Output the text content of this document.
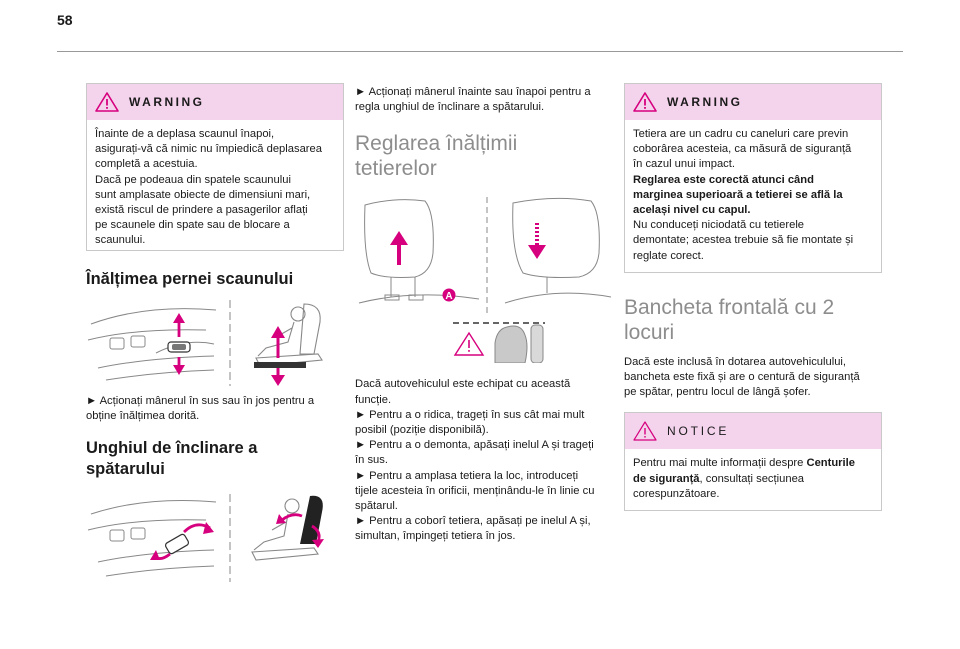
58
WARNING

Înainte de a deplasa scaunul înapoi,

asigurați-vă că nimic nu împiedică deplasarea

completă a acestuia.

Dacă pe podeaua din spatele scaunului

sunt amplasate obiecte de dimensiuni mari,

există riscul de prindere a pasagerilor aflați

pe scaunele din spate sau de blocare a

scaunului.

Înălțimea pernei scaunului

► Acționați mânerul în sus sau în jos pentru a

obține înălțimea dorită.

Unghiul de înclinare a
spătarului

► Acționați mânerul înainte sau înapoi pentru a

regla unghiul de înclinare a spătarului.

Reglarea înălțimii
tetierelor
A

Dacă autovehiculul este echipat cu această

funcție.

► Pentru a o ridica, trageți în sus cât mai mult

posibil (poziție disponibilă).

► Pentru a o demonta, apăsați inelul A și trageți

în sus.

► Pentru a amplasa tetiera la loc, introduceți

tijele acesteia în orificii, menținându-le în linie cu

spătarul.

► Pentru a coborî tetiera, apăsați pe inelul A și,

simultan, împingeți tetiera în jos.

WARNING

Tetiera are un cadru cu caneluri care previn

coborârea acesteia, ca măsură de siguranță

în cazul unui impact.

Reglarea este corectă atunci când

marginea superioară a tetierei se află la

același nivel cu capul.

Nu conduceți niciodată cu tetierele

demontate; acestea trebuie să fie montate și

reglate corect.

Bancheta frontală cu 2
locuri

Dacă este inclusă în dotarea autovehiculului,

bancheta este fixă și are o centură de siguranță

pe spătar, pentru locul de lângă șofer.

NOTICE

Pentru mai multe informații despre Centurile

de siguranță, consultați secțiunea

corespunzătoare.
